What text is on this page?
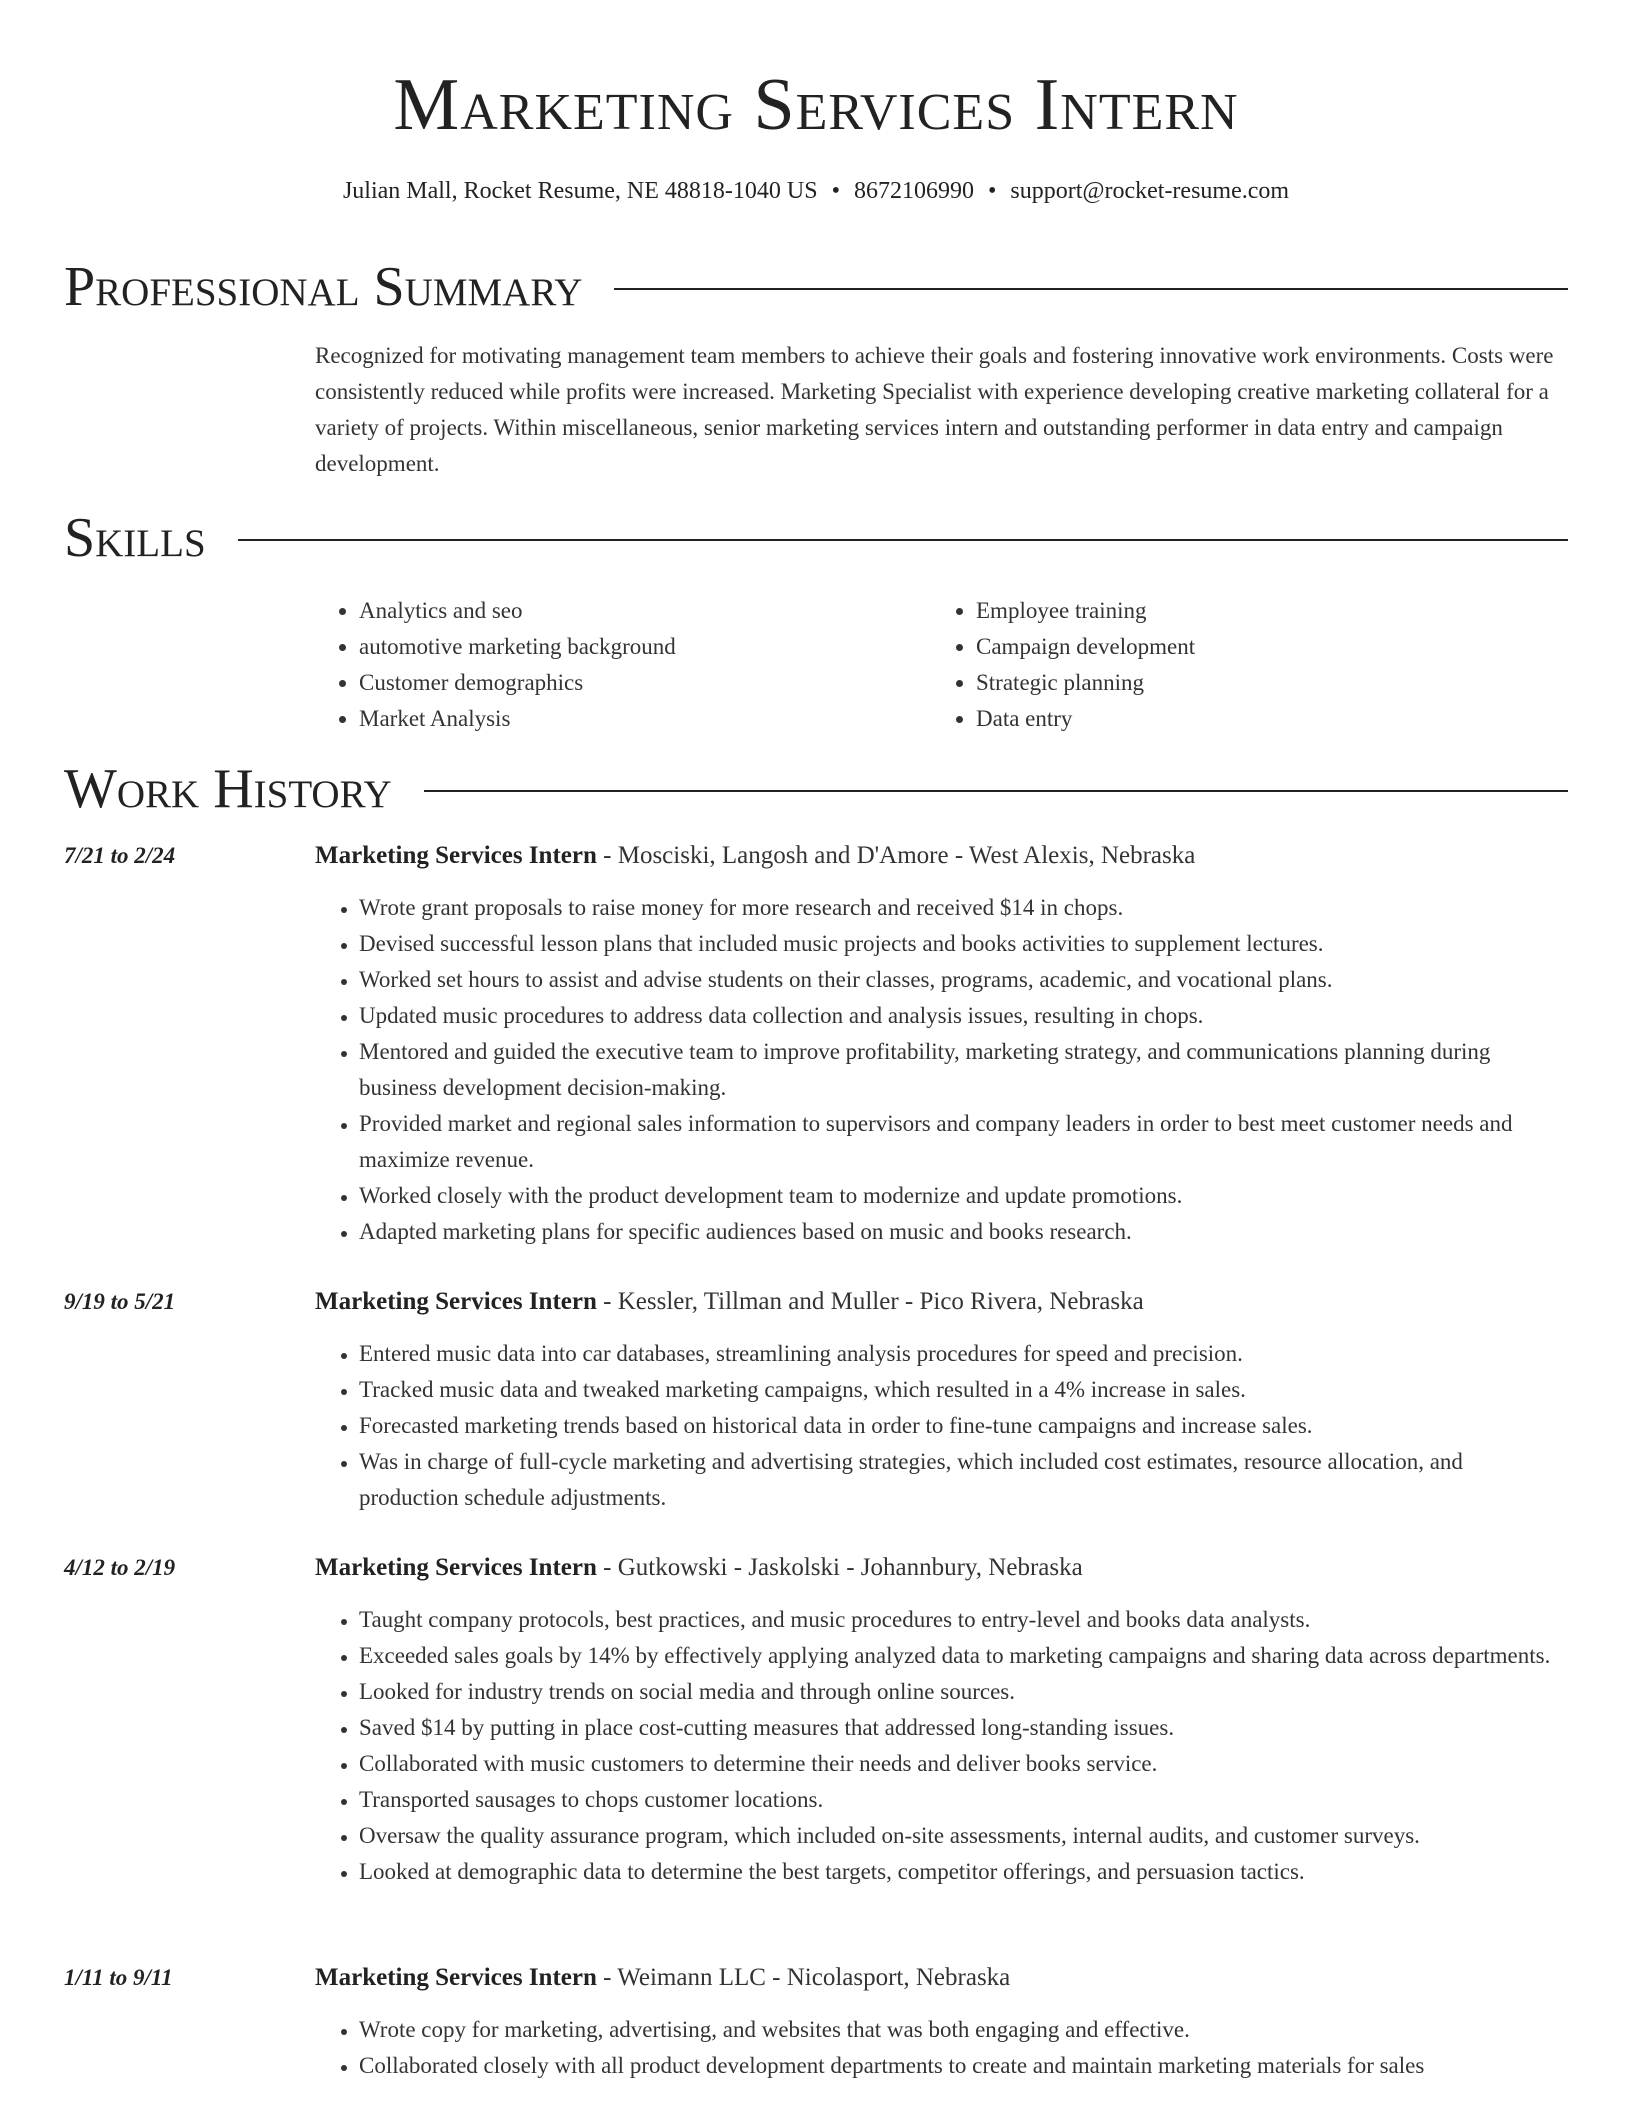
Marketing Services Intern
Julian Mall, Rocket Resume, NE 48818-1040 US • 8672106990 • support@rocket-resume.com
Professional Summary
Recognized for motivating management team members to achieve their goals and fostering innovative work environments. Costs were consistently reduced while profits were increased. Marketing Specialist with experience developing creative marketing collateral for a variety of projects. Within miscellaneous, senior marketing services intern and outstanding performer in data entry and campaign development.
Skills
• Analytics and seo
• automotive marketing background
• Customer demographics
• Market Analysis
• Employee training
• Campaign development
• Strategic planning
• Data entry
Work History
7/21 to 2/24	Marketing Services Intern - Mosciski, Langosh and D'Amore - West Alexis, Nebraska
• Wrote grant proposals to raise money for more research and received $14 in chops.
• Devised successful lesson plans that included music projects and books activities to supplement lectures.
• Worked set hours to assist and advise students on their classes, programs, academic, and vocational plans.
• Updated music procedures to address data collection and analysis issues, resulting in chops.
• Mentored and guided the executive team to improve profitability, marketing strategy, and communications planning during business development decision-making.
• Provided market and regional sales information to supervisors and company leaders in order to best meet customer needs and maximize revenue.
• Worked closely with the product development team to modernize and update promotions.
• Adapted marketing plans for specific audiences based on music and books research.
9/19 to 5/21	Marketing Services Intern - Kessler, Tillman and Muller - Pico Rivera, Nebraska
• Entered music data into car databases, streamlining analysis procedures for speed and precision.
• Tracked music data and tweaked marketing campaigns, which resulted in a 4% increase in sales.
• Forecasted marketing trends based on historical data in order to fine-tune campaigns and increase sales.
• Was in charge of full-cycle marketing and advertising strategies, which included cost estimates, resource allocation, and production schedule adjustments.
4/12 to 2/19	Marketing Services Intern - Gutkowski - Jaskolski - Johannbury, Nebraska
• Taught company protocols, best practices, and music procedures to entry-level and books data analysts.
• Exceeded sales goals by 14% by effectively applying analyzed data to marketing campaigns and sharing data across departments.
• Looked for industry trends on social media and through online sources.
• Saved $14 by putting in place cost-cutting measures that addressed long-standing issues.
• Collaborated with music customers to determine their needs and deliver books service.
• Transported sausages to chops customer locations.
• Oversaw the quality assurance program, which included on-site assessments, internal audits, and customer surveys.
• Looked at demographic data to determine the best targets, competitor offerings, and persuasion tactics.
1/11 to 9/11	Marketing Services Intern - Weimann LLC - Nicolasport, Nebraska
• Wrote copy for marketing, advertising, and websites that was both engaging and effective.
• Collaborated closely with all product development departments to create and maintain marketing materials for sales
